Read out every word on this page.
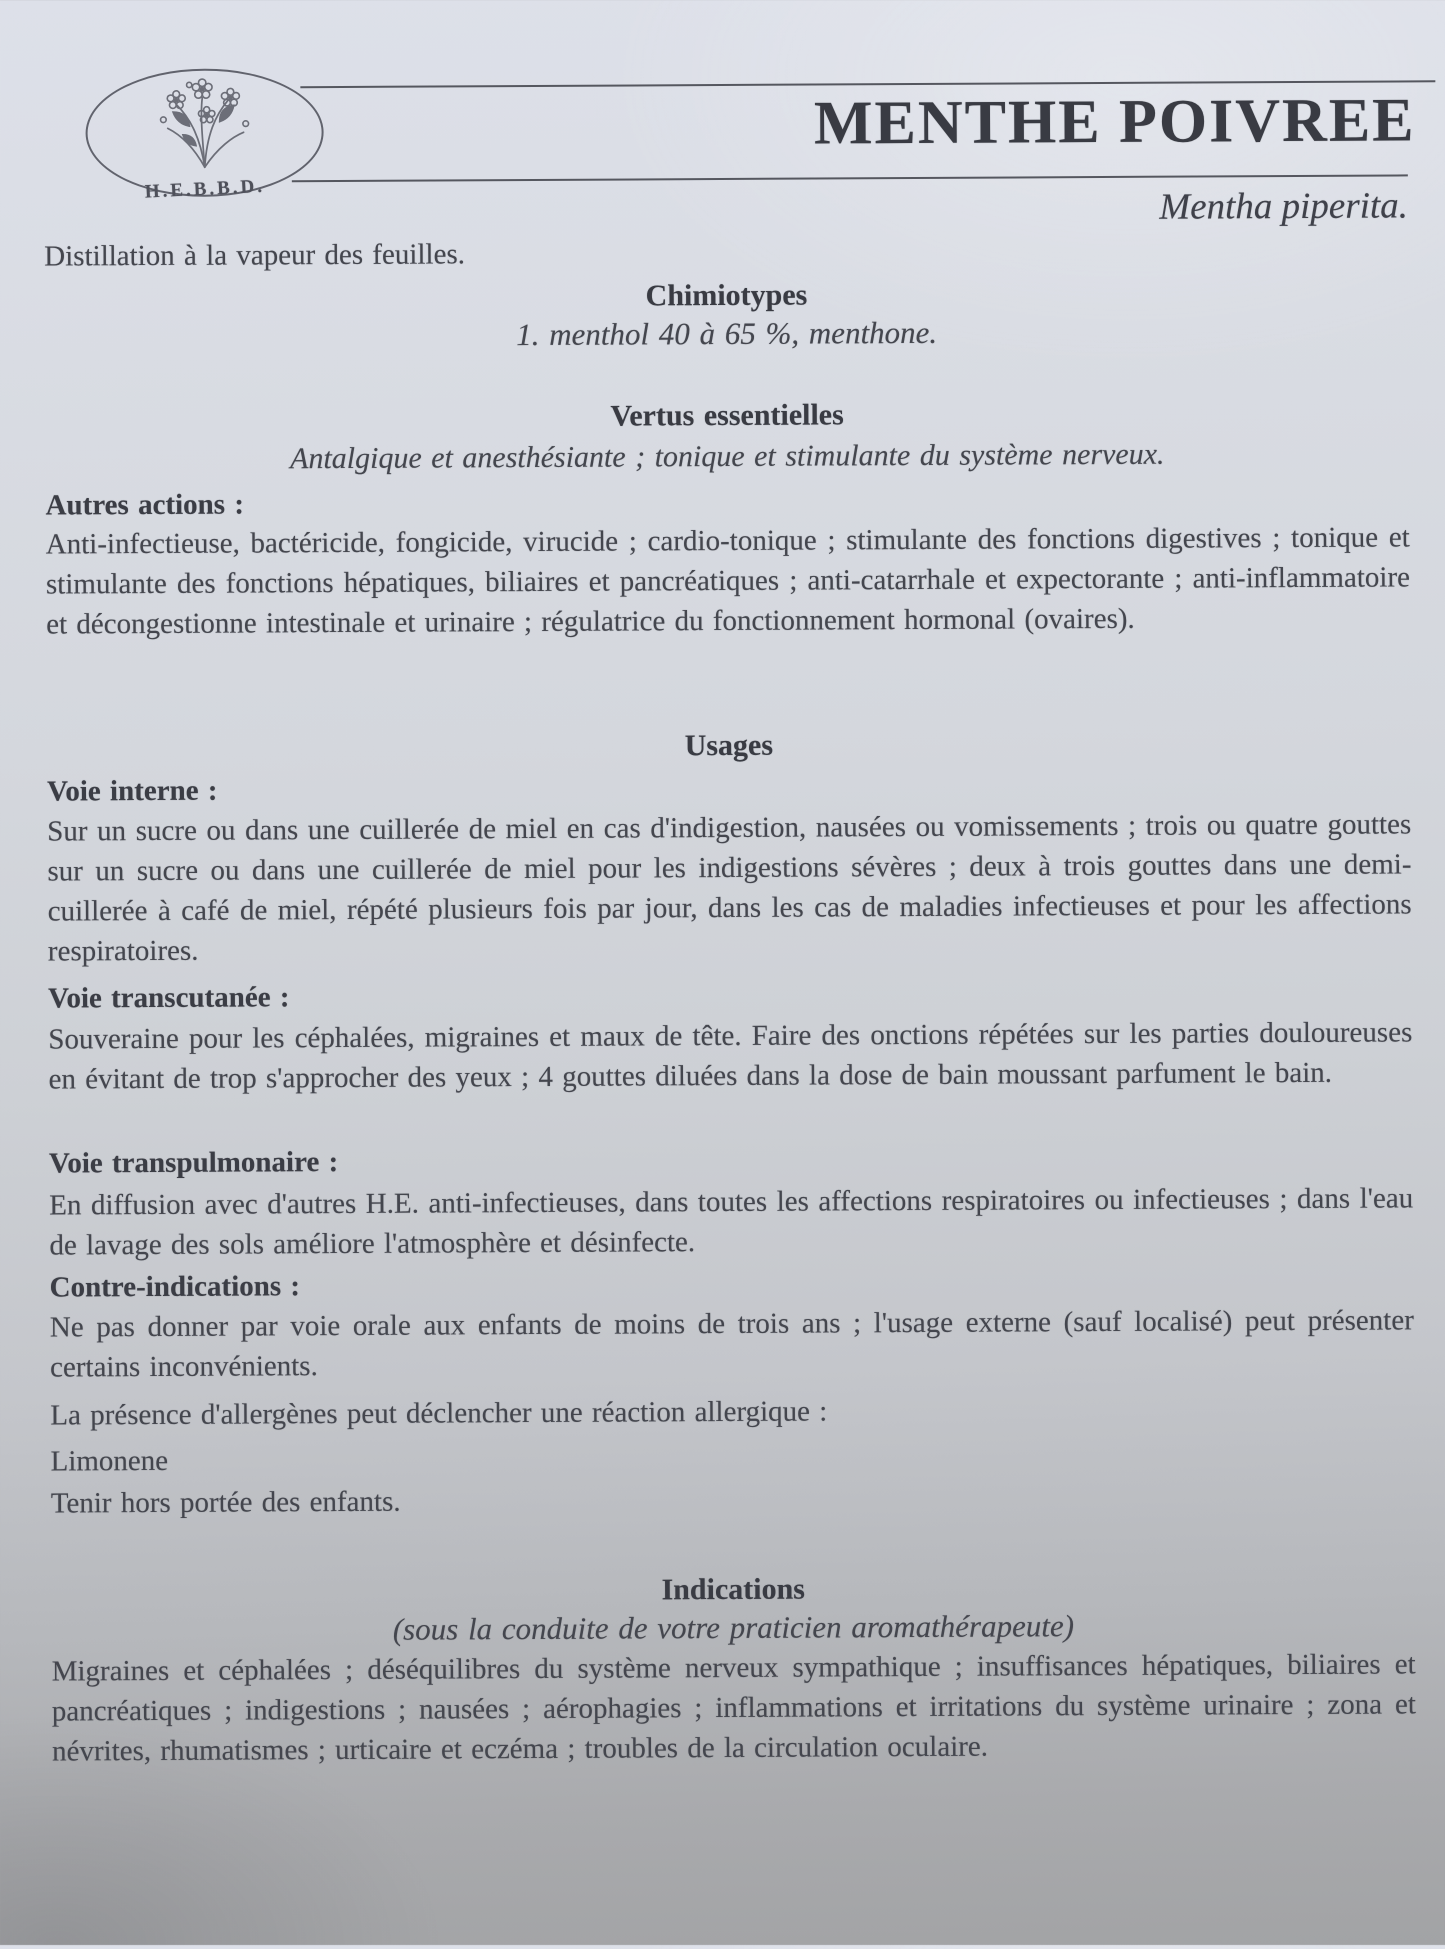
H.E.B.B.D.
MENTHE POIVREE
Mentha piperita.
Distillation à la vapeur des feuilles.
Chimiotypes
1. menthol 40 à 65 %, menthone.
Vertus essentielles
Antalgique et anesthésiante ; tonique et stimulante du système nerveux.
Autres actions :
Anti-infectieuse, bactéricide, fongicide, virucide ; cardio-tonique ; stimulante des fonctions digestives ; tonique et stimulante des fonctions hépatiques, biliaires et pancréatiques ; anti-catarrhale et expectorante ; anti-inflammatoire et décongestionne intestinale et urinaire ; régulatrice du fonctionnement hormonal (ovaires).
Usages
Voie interne :
Sur un sucre ou dans une cuillerée de miel en cas d'indigestion, nausées ou vomissements ; trois ou quatre gouttes sur un sucre ou dans une cuillerée de miel pour les indigestions sévères ; deux à trois gouttes dans une demi-cuillerée à café de miel, répété plusieurs fois par jour, dans les cas de maladies infectieuses et pour les affections respiratoires.
Voie transcutanée :
Souveraine pour les céphalées, migraines et maux de tête. Faire des onctions répétées sur les parties douloureuses en évitant de trop s'approcher des yeux ; 4 gouttes diluées dans la dose de bain moussant parfument le bain.
Voie transpulmonaire :
En diffusion avec d'autres H.E. anti-infectieuses, dans toutes les affections respiratoires ou infectieuses ; dans l'eau de lavage des sols améliore l'atmosphère et désinfecte.
Contre-indications :
Ne pas donner par voie orale aux enfants de moins de trois ans ; l'usage externe (sauf localisé) peut présenter certains inconvénients.
La présence d'allergènes peut déclencher une réaction allergique :
Limonene
Tenir hors portée des enfants.
Indications
(sous la conduite de votre praticien aromathérapeute)
Migraines et céphalées ; déséquilibres du système nerveux sympathique ; insuffisances hépatiques, biliaires et pancréatiques ; indigestions ; nausées ; aérophagies ; inflammations et irritations du système urinaire ; zona et névrites, rhumatismes ; urticaire et eczéma ; troubles de la circulation oculaire.
